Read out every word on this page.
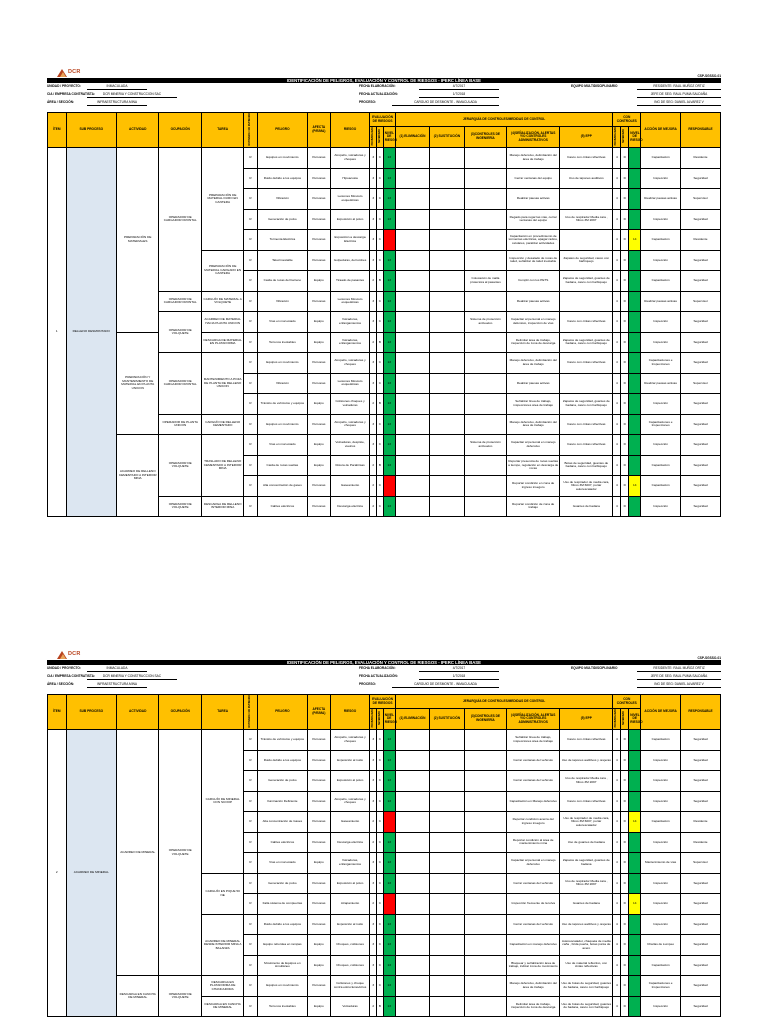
DCR
CSP-SGSSO-01
IDENTIFICACIÓN DE PELIGROS, EVALUACIÓN Y CONTROL DE RIESGOS - IPERC LÍNEA BASE
UNIDAD / PROYECTO:	INMACULADA	FECHA ELABORACIÓN:	4/7/2017	EQUIPO MULTIDISCIPLINARIO	RESIDENTE: RAUL MUÑOZ ORTIZ
CIA / EMPRESA CONTRATISTA:	DCR MINERIA Y CONSTRUCCION SAC	FECHA ACTUALIZACIÓN:	1/7/2018	JEFE DE SEG: RAUL PUMA SALDAÑA
ÁREA / SECCIÓN:	INFRAESTRUCTURA MINA	PROCESO:	CARGUIO DE DESMONTE - INMACULADA	ING DE SEG: DANIEL ALVAREZ V
ÍTEM	SUB PROCESO	ACTIVIDAD	OCUPACIÓN	TAREA	RUTINARIA / NO RUTINARIA	PELIGRO	AFECTA (P/E/MA)	RIESGO	EVALUACIÓN DE RIESGOS			JERARQUÍA DE CONTROLES/MEDIDAS DE CONTROL					CON CONTROLES			ACCIÓN DE MEJORA	RESPONSABLE
									PROBABILIDAD	SEVERIDAD	NIVEL DE RIESGO	(1) ELIMINACIÓN	(2) SUSTITUCIÓN	(3)CONTROLES DE INGENIERÍA	(4)SEÑALIZACIÓN, ALERTAS Y/O CONTROLES ADMINISTRATIVOS	(5) EPP	PROBABILIDAD	SEVERIDAD	NIVEL DE RIESGO		
1	RELLENO DESMONTADO	PREPARACIÓN DE MATERIALES	OPERADOR DE CARGADOR FRONTAL	PREPARACIÓN DE MATERIAL DURO EN CANTERA	R	Equipos en movimiento	Personas	Atropello, volcaduras y choques	3	C	13				Manejo defensivo, delimitación del área de trabajo	Casco con cintas reflectivas	4	D		Capacitación	Residente
					R	Ruido debido a los equipos	Personas	Hipoacusia	3	C	13				Cerrar ventanas del equipo	Uso de tapones auditivos	4	D		Inspección	Seguridad
					R	Vibración	Personas	Lesiones Músculo esqueléticas	3	C	13				Realizar pausas activas		4	D		Realizar pausas activas	Supervisor
					R	Generación de polvo	Personas	Exposición al polvo	3	C	13				Regado para regar las vías, cerrar ventanas del equipo	Uso de respirador Media cara , filtros 3M 2097	4	D		Inspección	Seguridad
					R	Tormenta Eléctrica	Personas	Exposición a descarga Eléctrica	3	C					Capacitación en procedimiento de tormentas eléctricas, apagar radios, celulares, paralizar actividades		4	D	14	Capacitación	Residente
				PREPARACIÓN DE MATERIAL CARGADO EN CANTERA	R	Talud inestable	Personas	Golpeduras, derrumbes	3	C	13				Inspección y desatado de rocas de talud, señalizar de talud inestable	Zapatos de seguridad, casco con barbiquejo	4	D		Inspección	Seguridad
					R	Caída de rocas del barreno	Equipo	Tiraado de pasantes	2	B	13			Colocación de malla protectora al pasantes	Cumplir con los PETS	Zapatos de seguridad, guantes de badana, casco con barbiquejo	4	D		Capacitación	Seguridad
			OPERADOR DE CARGADOR FRONTAL	CARGUÍO DE MATERIAL A VOLQUETE	R	Vibración	Personas	Lesiones Músculo esqueléticas	3	C	13				Realizar pausas activas		4	D		Realizar pausas activas	Supervisor
			OPERADOR DE VOLQUETE	ACARREO DE MATERIAL HACIA PLANTA UNICON	R	Vías en mal estado	Equipo	Volcaduras, enfangamientos	3	C	13			Sistema de protección antivuelco	Capacitar al personal en manejo defensivo, inspección de vías	Casco con cintas reflectivas	4	D		Inspección	Seguridad
		PREPARACIÓN Y MANTENIMIENTO DE MATERIAL EN PLANTA UNICON		DESCARGA DE MATERIAL EN PLATAFORMA	R	Terrenos inestables	Equipo	Volcaduras, enfangamientos	2	B	13				Delimitar área de trabajo, inspección de zona de descarga	Zapatos de seguridad, guantes de badana, casco con barbiquejo	4	D		Inspección	Seguridad
			OPERADOR DE CARGADOR FRONTAL	MANTENIMIENTO A POZA DE PLANTA DE RELLENO UNICON	R	Equipos en movimiento	Personas	Atropello, volcaduras y choques	3	C	13				Manejo defensivo, delimitación del área de trabajo	Casco con cintas reflectivas	4	D		Capacitaciones e Inspecciones	Seguridad
					R	Vibración	Personas	Lesiones Músculo esqueléticas	3	C	13				Realizar pausas activas		4	D		Realizar pausas activas	Supervisor
					R	Tránsito de vehículos y equipos	Equipo	Colisiones choques y volcaduras	2	B	13				Señalizar línea de trabajo, inspecciones área de trabajo	Zapatos de seguridad, guantes de badana, casco con barbiquejo	4	D		Inspección	Seguridad
			OPERADOR DE PLANTA UNICON	CARGUÍO DE RELLENO CEMENTADO	R	Equipos en movimiento	Personas	Atropello, volcaduras y choques	3	C	13				Manejo defensivo, delimitación del área de trabajo	Casco con cintas reflectivas	4	D		Capacitaciones e Inspecciones	Seguridad
		ACARREO DE RELLENO CEMENTADO A INTERIOR MINA	OPERADOR DE VOLQUETE	TRASLADO DE RELLENO CEMENTADO A INTERIOR MINA	R	Vías en mal estado	Equipo	Volcaduras, despiste, vuelcos	3	C	13			Sistema de protección antivuelco	Capacitar al personal en manejo defensivo	Casco con cintas reflectivas	4	D		Inspección	Seguridad
					R	Caída de rocas sueltas	Equipo	Rotura de Parabrisas	2	B	13				Reportar presencia de rocas sueltas a tiempo, regulación en descarga de rocas	Botas de seguridad, guantes de badana, casco con barbiquejo	4	D		Capacitación	Seguridad
					R	Alta concentración de gases	Personas	Gaseamiento	2	C					Reportar condición en zona de ingreso inseguro	Uso de respirador de media cara, filtros 3M 6007, portar autorescatador	4	D	14	Capacitación	Seguridad
			OPERADOR DE VOLQUETE	DESCARGA DE RELLENO INTERIOR MINA	R	Cables eléctricos	Personas	Descarga eléctrica	2	C	13				Reportar condición de zona de trabajo	Guantes de badana	4	D		Inspección	Seguridad
DCR
CSP-SGSSO-01
IDENTIFICACIÓN DE PELIGROS, EVALUACIÓN Y CONTROL DE RIESGOS - IPERC LÍNEA BASE
UNIDAD / PROYECTO:	INMACULADA	FECHA ELABORACIÓN:	4/7/2017	EQUIPO MULTIDISCIPLINARIO	RESIDENTE: RAUL MUÑOZ ORTIZ
CIA / EMPRESA CONTRATISTA:	DCR MINERIA Y CONSTRUCCION SAC	FECHA ACTUALIZACIÓN:	1/7/2018	JEFE DE SEG: RAUL PUMA SALDAÑA
ÁREA / SECCIÓN:	INFRAESTRUCTURA MINA	PROCESO:	CARGUIO DE DESMONTE - INMACULADA	ING DE SEG: DANIEL ALVAREZ V
ÍTEM	SUB PROCESO	ACTIVIDAD	OCUPACIÓN	TAREA	RUTINARIA / NO RUTINARIA	PELIGRO	AFECTA (P/E/MA)	RIESGO	EVALUACIÓN DE RIESGOS			JERARQUÍA DE CONTROLES/MEDIDAS DE CONTROL					CON CONTROLES			ACCIÓN DE MEJORA	RESPONSABLE
									PROBABILIDAD	SEVERIDAD	NIVEL DE RIESGO	(1) ELIMINACIÓN	(2) SUSTITUCIÓN	(3)CONTROLES DE INGENIERÍA	(4)SEÑALIZACIÓN, ALERTAS Y/O CONTROLES ADMINISTRATIVOS	(5) EPP	PROBABILIDAD	SEVERIDAD	NIVEL DE RIESGO		
2	ACARREO DE MINERAL	ACARREO DE MINERAL	OPERADOR DE VOLQUETE	CARGUÍO DE MINERAL CON SCOOP	R	Tránsito de vehículos y equipos	Personas	Atropello, volcaduras y choques	3	C	13				Señalizar línea de trabajo, inspecciones área de trabajo	Casco con cintas reflectivas	4	D		Capacitación	Seguridad
					R	Ruido debido a los equipos	Personas	Exposición al ruido	3	C	13				Cerrar ventanas del vehículo	Uso de tapones auditivos y orejeras	4	D		Inspección	Seguridad
					R	Generación de polvo	Personas	Exposición al polvo	3	C	13				Cerrar ventanas del vehículo	Uso de respirador Media cara , filtros 3M 2097	4	D		Inspección	Seguridad
					R	Iluminación Deficiente	Personas	Atropello, volcaduras y choques	3	C	13				Capacitación en Manejo defensivo	Casco con cintas reflectivas	4	D		Inspección	Seguridad
					R	Alta concentración de Gases	Personas	Gaseamiento	2	C					Reportar condición acerca del ingreso inseguro	Uso de respirador de media cara, filtros 3M 6007, portar autorescatador	4	D	14	Capacitación	Residente
					R	Cables eléctricos	Personas	Descarga eléctrica	2	C	13				Reportar condición al área de mantenimiento mina	Uso de guantes de badana	4	D		Inspección	Residente
					R	Vías en mal estado	Equipo	Volcaduras, enfangamientos	3	C	13				Capacitar al personal en manejo defensivo	Zapatos de seguridad, guantes de badana	4	D		Mantenimiento de vías	Supervisor
				CARGUÍO EN PIQUE 50 NE	R	Generación de polvo	Personas	Exposición al polvo	3	C	13				Cerrar ventanas del vehículo	Uso de respirador Media cara , filtros 3M 2097	4	D		Inspección	Seguridad
					R	Falla sistema de compuertas	Personas	Atrapamiento	2	C					Inspección frecuente de la tolva	Guantes de badana	4	D	14	Inspección	Seguridad
				ACARREO DE MINERAL DESDE INTERIOR MINA A BALANZA	R	Ruido debido a los equipos	Personas	Exposición al ruido	3	C	13				Cerrar ventanas del vehículo	Uso de tapones auditivos y orejeras	4	D		Inspección	Seguridad
					R	Equipo rebordea en rampas	Equipo	Choques, colisiones	3	C	13				Capacitación en manejo defensivo	Autorescatador, chaqueta de media caña , brida puerta, botas punta de acero	4	D		Charlas de Lumpeo	Seguridad
					R	Movimiento de Equipos en simultáneo	Equipo	Choques, colisiones	3	C	13				Bloquear y señalización área de trabajo, indicar zona de movimiento	Uso de material reflectivo, con cintas reflectivas	4	D		Capacitación	Seguridad
		DESCARGA EN CANCHA DE MINERAL	OPERADOR DE VOLQUETE	DESCARGA EN PLATAFORMA DE CHANCADORA	R	Equipos en movimiento	Personas	Colisiones y choque contra estructuras/otros	3	C	13				Manejo defensivo, delimitación del área de trabajo	Uso de botas de seguridad, guantes de badana, casco con barbiquejo	4	D		Capacitaciones e Inspecciones	Seguridad
				DESCARGA EN CANCHA DE MINERAL	R	Terrenos inestables	Equipo	Volcaduras	2	B	13				Delimitar área de trabajo, inspección de zona de descarga	Uso de botas de seguridad, guantes de badana, casco con barbiquejo	4	D		Inspección	Seguridad
